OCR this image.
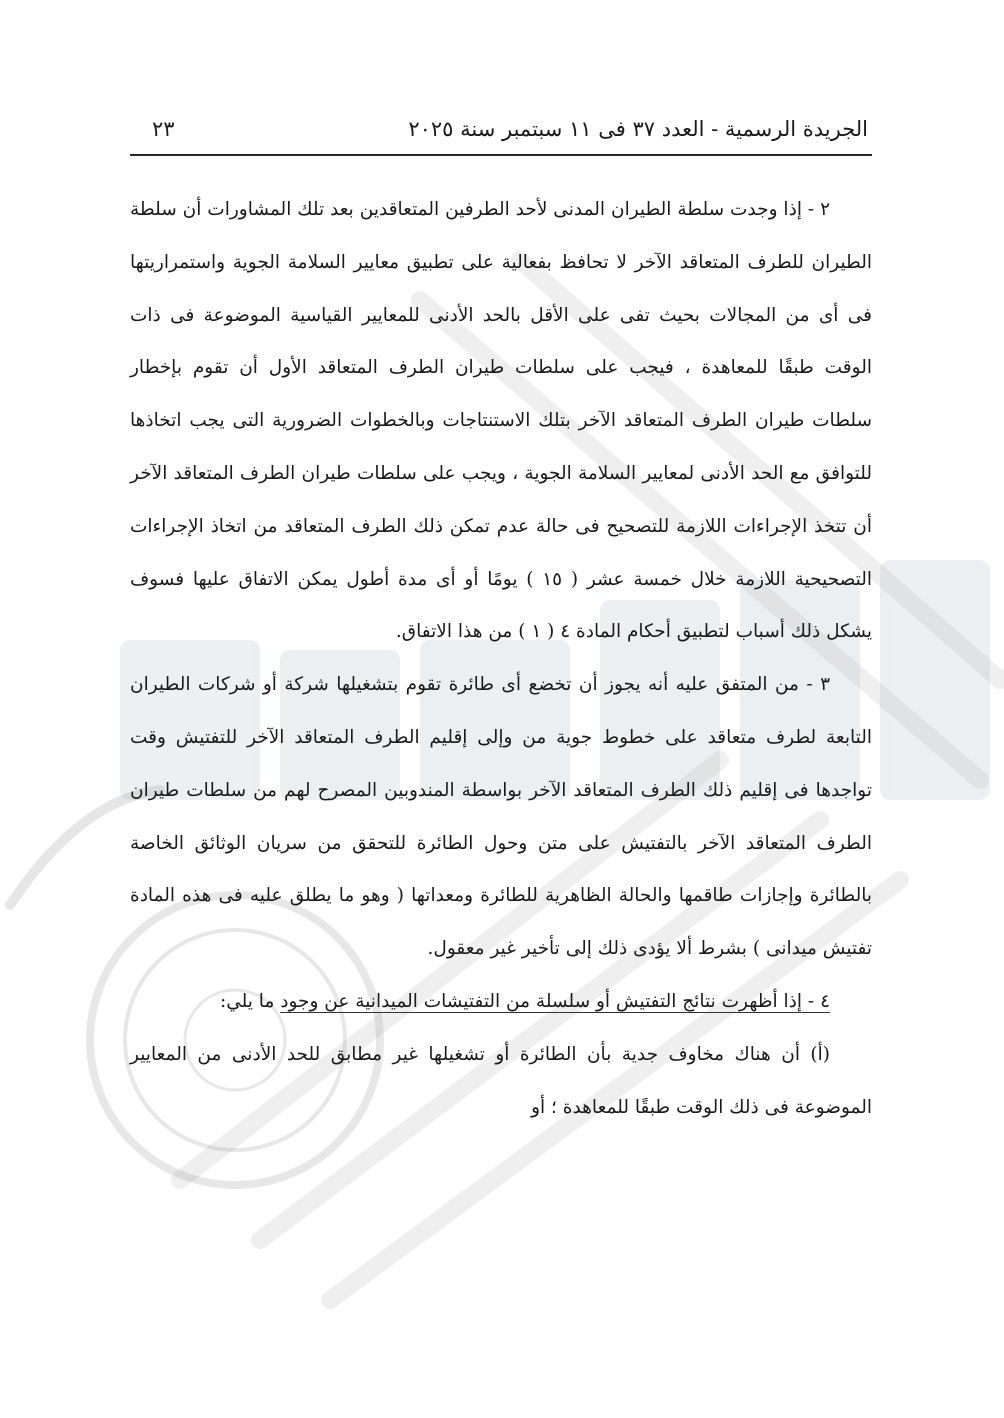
الجريدة الرسمية - العدد ٣٧ فى ١١ سبتمبر سنة ٢٠٢٥
٢٣

٢ - إذا وجدت سلطة الطيران المدنى لأحد الطرفين المتعاقدين بعد تلك المشاورات أن سلطة الطيران للطرف المتعاقد الآخر لا تحافظ بفعالية على تطبيق معايير السلامة الجوية واستمراريتها فى أى من المجالات بحيث تفى على الأقل بالحد الأدنى للمعايير القياسية الموضوعة فى ذات الوقت طبقًا للمعاهدة ، فيجب على سلطات طيران الطرف المتعاقد الأول أن تقوم بإخطار سلطات طيران الطرف المتعاقد الآخر بتلك الاستنتاجات وبالخطوات الضرورية التى يجب اتخاذها للتوافق مع الحد الأدنى لمعايير السلامة الجوية ، ويجب على سلطات طيران الطرف المتعاقد الآخر أن تتخذ الإجراءات اللازمة للتصحيح فى حالة عدم تمكن ذلك الطرف المتعاقد من اتخاذ الإجراءات التصحيحية اللازمة خلال خمسة عشر ( ١٥ ) يومًا أو أى مدة أطول يمكن الاتفاق عليها فسوف يشكل ذلك أسباب لتطبيق أحكام المادة ٤ ( ١ ) من هذا الاتفاق.

٣ - من المتفق عليه أنه يجوز أن تخضع أى طائرة تقوم بتشغيلها شركة أو شركات الطيران التابعة لطرف متعاقد على خطوط جوية من وإلى إقليم الطرف المتعاقد الآخر للتفتيش وقت تواجدها فى إقليم ذلك الطرف المتعاقد الآخر بواسطة المندوبين المصرح لهم من سلطات طيران الطرف المتعاقد الآخر بالتفتيش على متن وحول الطائرة للتحقق من سريان الوثائق الخاصة بالطائرة وإجازات طاقمها والحالة الظاهرية للطائرة ومعداتها ( وهو ما يطلق عليه فى هذه المادة تفتيش ميدانى ) بشرط ألا يؤدى ذلك إلى تأخير غير معقول.

٤ - إذا أظهرت نتائج التفتيش أو سلسلة من التفتيشات الميدانية عن وجود ما يلي:

(أ) أن هناك مخاوف جدية بأن الطائرة أو تشغيلها غير مطابق للحد الأدنى من المعايير الموضوعة فى ذلك الوقت طبقًا للمعاهدة ؛ أو
